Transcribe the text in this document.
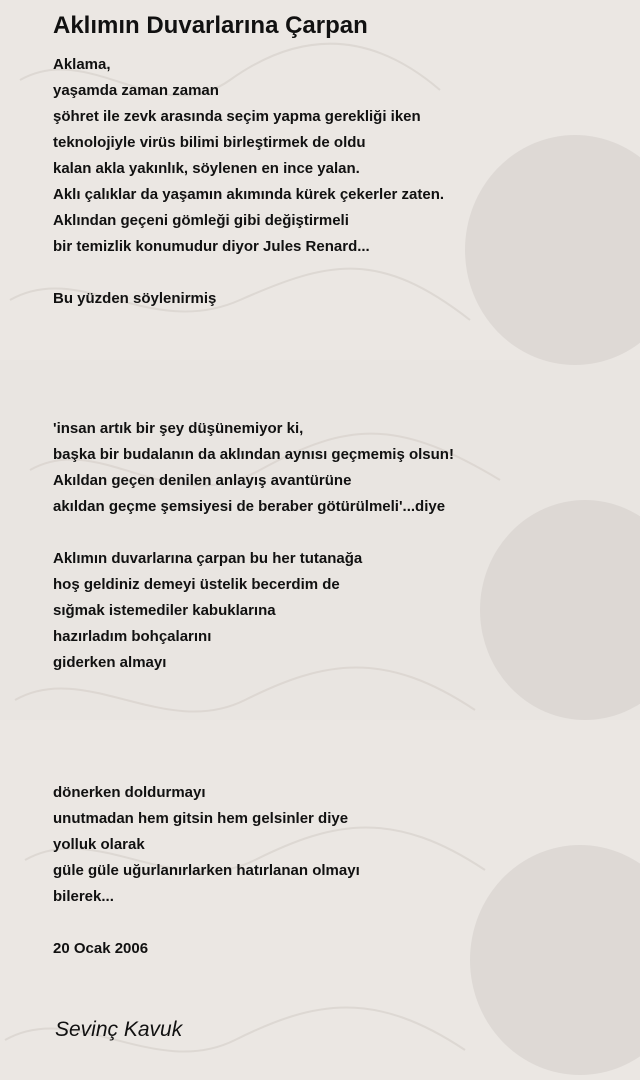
Aklımın Duvarlarına Çarpan
Aklama,
yaşamda zaman zaman
şöhret ile zevk arasında seçim yapma gerekliği iken
teknolojiyle virüs bilimi birleştirmek de oldu
kalan akla yakınlık, söylenen en ince yalan.
Aklı çalıklar da yaşamın akımında kürek çekerler zaten.
Aklından geçeni gömleği gibi değiştirmeli
bir temizlik konumudur diyor Jules Renard...
Bu yüzden söylenirmiş
'insan artık bir şey düşünemiyor ki,
başka bir budalanın da aklından aynısı geçmemiş olsun!
Akıldan geçen denilen anlayış avantürüne
akıldan geçme şemsiyesi de beraber götürülmeli'...diye
Aklımın duvarlarına çarpan bu her tutanağa
hoş geldiniz demeyi üstelik becerdim de
sığmak istemediler kabuklarına
hazırladım bohçalarını
giderken almayı
dönerken doldurmayı
unutmadan hem gitsin hem gelsinler diye
yolluk olarak
güle güle uğurlanırlarken hatırlanan olmayı
bilerek...
20 Ocak 2006
Sevinç Kavuk
